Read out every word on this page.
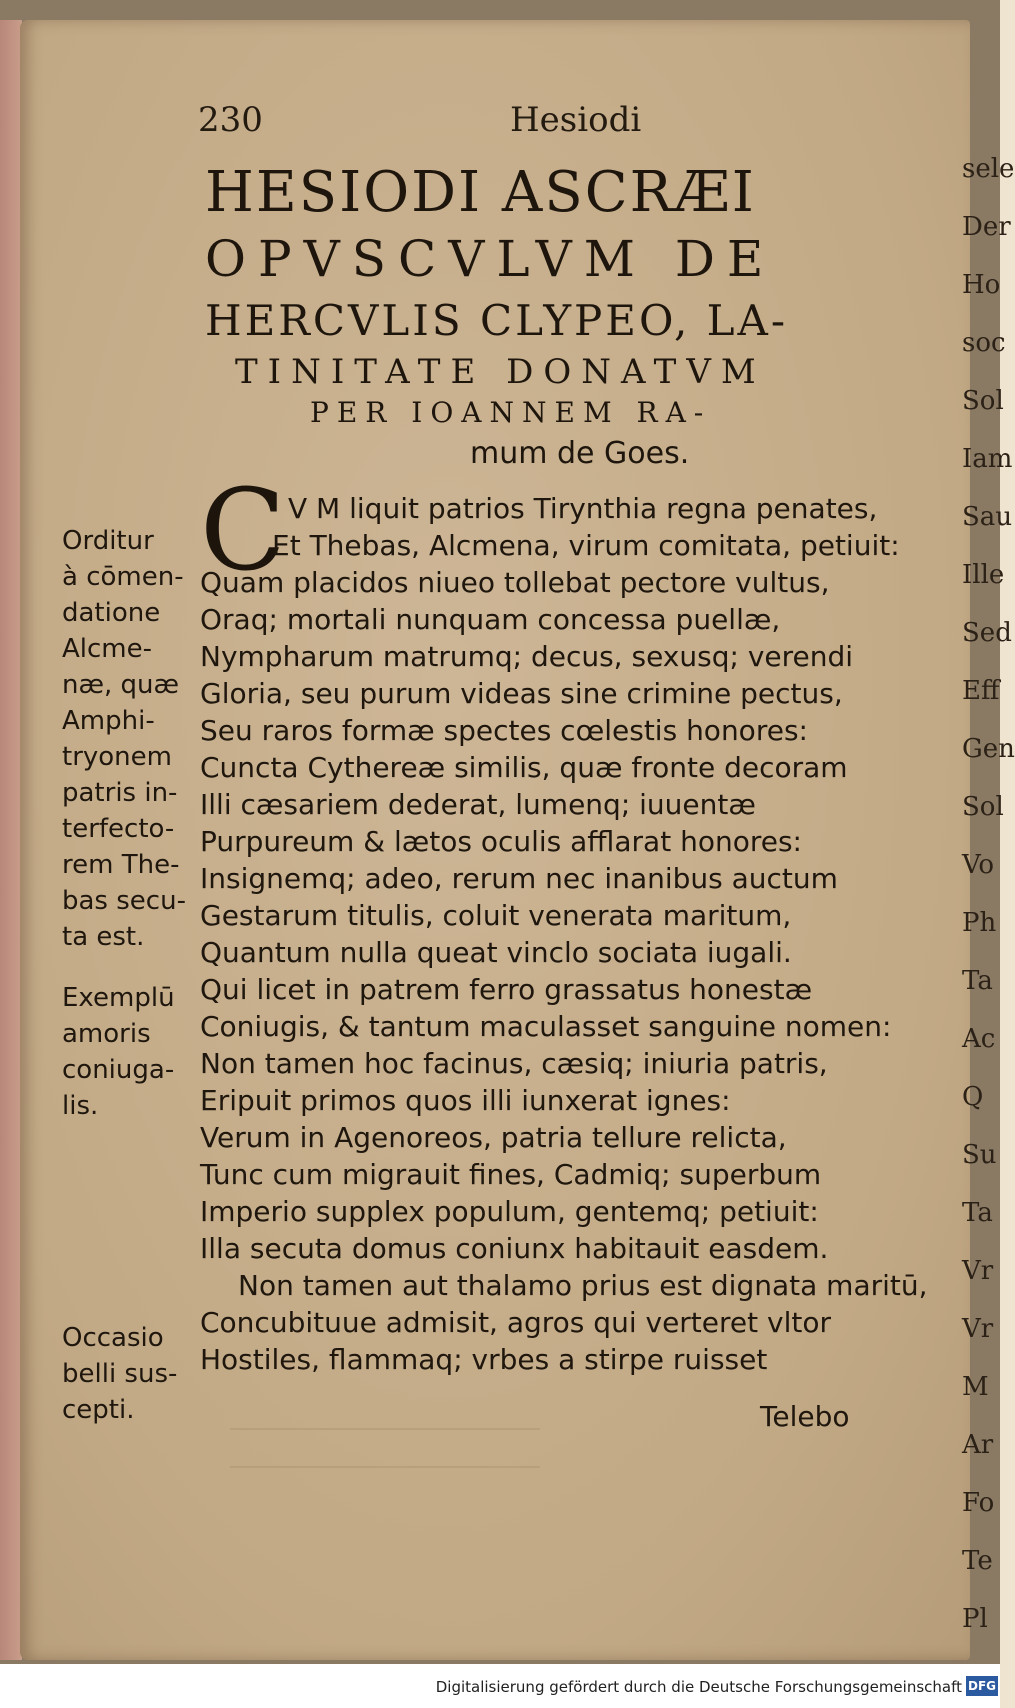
sele
Der
Ho
soc
Sol
Iam
Sau
Ille
Sed
Eff
Gen
Sol
Vo
Ph
Ta
Ac
Q
Su
Ta
Vr
Vr
M
Ar
Fo
Te
Pl
230	Hesiodi
HESIODI ASCRÆI
OPVSCVLVM DE
HERCVLIS CLYPEO, LA-
TINITATE DONATVM
PER IOANNEM RA-
mum de Goes.
Orditur
à cōmen-
datione
Alcme-
næ, quæ
Amphi-
tryonem
patris in-
terfecto-
rem The-
bas secu-
ta est.
Exemplū
amoris
coniuga-
lis.
Occasio
belli sus-
cepti.
C V M liquit patrios Tirynthia regna penates,
Et Thebas, Alcmena, virum comitata, petiuit:
Quam placidos niueo tollebat pectore vultus,
Oraq; mortali nunquam concessa puellæ,
Nympharum matrumq; decus, sexusq; verendi
Gloria, seu purum videas sine crimine pectus,
Seu raros formæ spectes cœlestis honores:
Cuncta Cythereæ similis, quæ fronte decoram
Illi cæsariem dederat, lumenq; iuuentæ
Purpureum & lætos oculis afflarat honores:
Insignemq; adeo, rerum nec inanibus auctum
Gestarum titulis, coluit venerata maritum,
Quantum nulla queat vinclo sociata iugali.
Qui licet in patrem ferro grassatus honestæ
Coniugis, & tantum maculasset sanguine nomen:
Non tamen hoc facinus, cæsiq; iniuria patris,
Eripuit primos quos illi iunxerat ignes:
Verum in Agenoreos, patria tellure relicta,
Tunc cum migrauit fines, Cadmiq; superbum
Imperio supplex populum, gentemq; petiuit:
Illa secuta domus coniunx habitauit easdem.
Non tamen aut thalamo prius est dignata maritū,
Concubituue admisit, agros qui verteret vltor
Hostiles, flammaq; vrbes a stirpe ruisset
Telebo
Digitalisierung gefördert durch die Deutsche Forschungsgemeinschaft DFG
